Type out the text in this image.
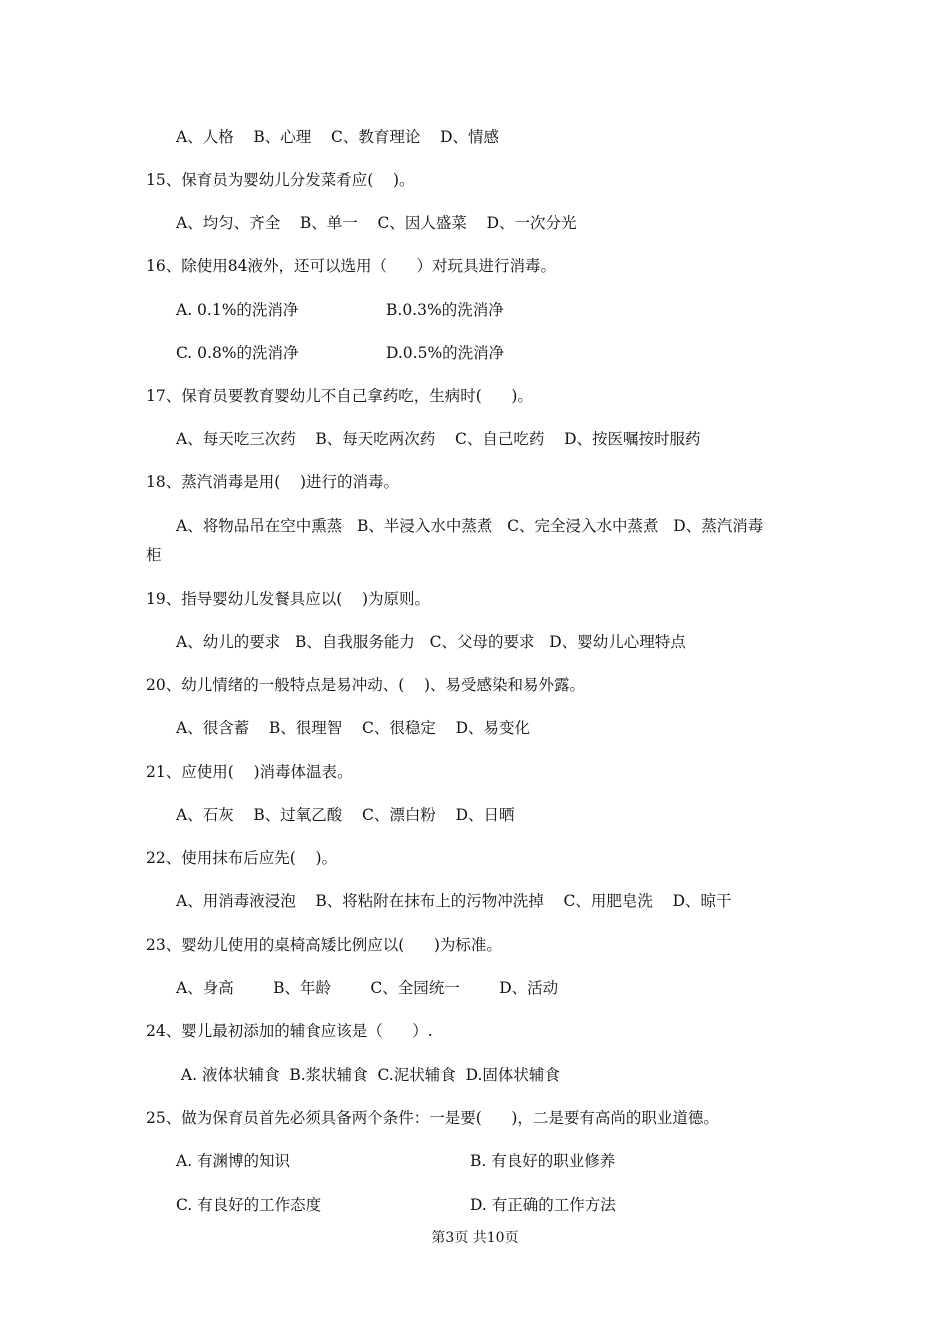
A、人格    B、心理    C、教育理论    D、情感
15、保育员为婴幼儿分发菜肴应(    )。
A、均匀、齐全    B、单一    C、因人盛菜    D、一次分光
16、除使用84液外，还可以选用（      ）对玩具进行消毒。
A. 0.1%的洗消净	B.0.3%的洗消净
C. 0.8%的洗消净	D.0.5%的洗消净
17、保育员要教育婴幼儿不自己拿药吃，生病时(      )。
A、每天吃三次药    B、每天吃两次药    C、自己吃药    D、按医嘱按时服药
18、蒸汽消毒是用(    )进行的消毒。
A、将物品吊在空中熏蒸   B、半浸入水中蒸煮   C、完全浸入水中蒸煮   D、蒸汽消毒
柜
19、指导婴幼儿发餐具应以(    )为原则。
A、幼儿的要求   B、自我服务能力   C、父母的要求   D、婴幼儿心理特点
20、幼儿情绪的一般特点是易冲动、(    )、易受感染和易外露。
A、很含蓄    B、很理智    C、很稳定    D、易变化
21、应使用(    )消毒体温表。
A、石灰    B、过氧乙酸    C、漂白粉    D、日晒
22、使用抹布后应先(    )。
A、用消毒液浸泡    B、将粘附在抹布上的污物冲洗掉    C、用肥皂洗    D、晾干
23、婴幼儿使用的桌椅高矮比例应以(      )为标准。
A、身高        B、年龄        C、全园统一        D、活动
24、婴儿最初添加的辅食应该是（      ）.
A. 液体状辅食  B.浆状辅食  C.泥状辅食  D.固体状辅食
25、做为保育员首先必须具备两个条件：一是要(      )，二是要有高尚的职业道德。
A. 有渊博的知识	B. 有良好的职业修养
C. 有良好的工作态度	D. 有正确的工作方法
第3页 共10页
